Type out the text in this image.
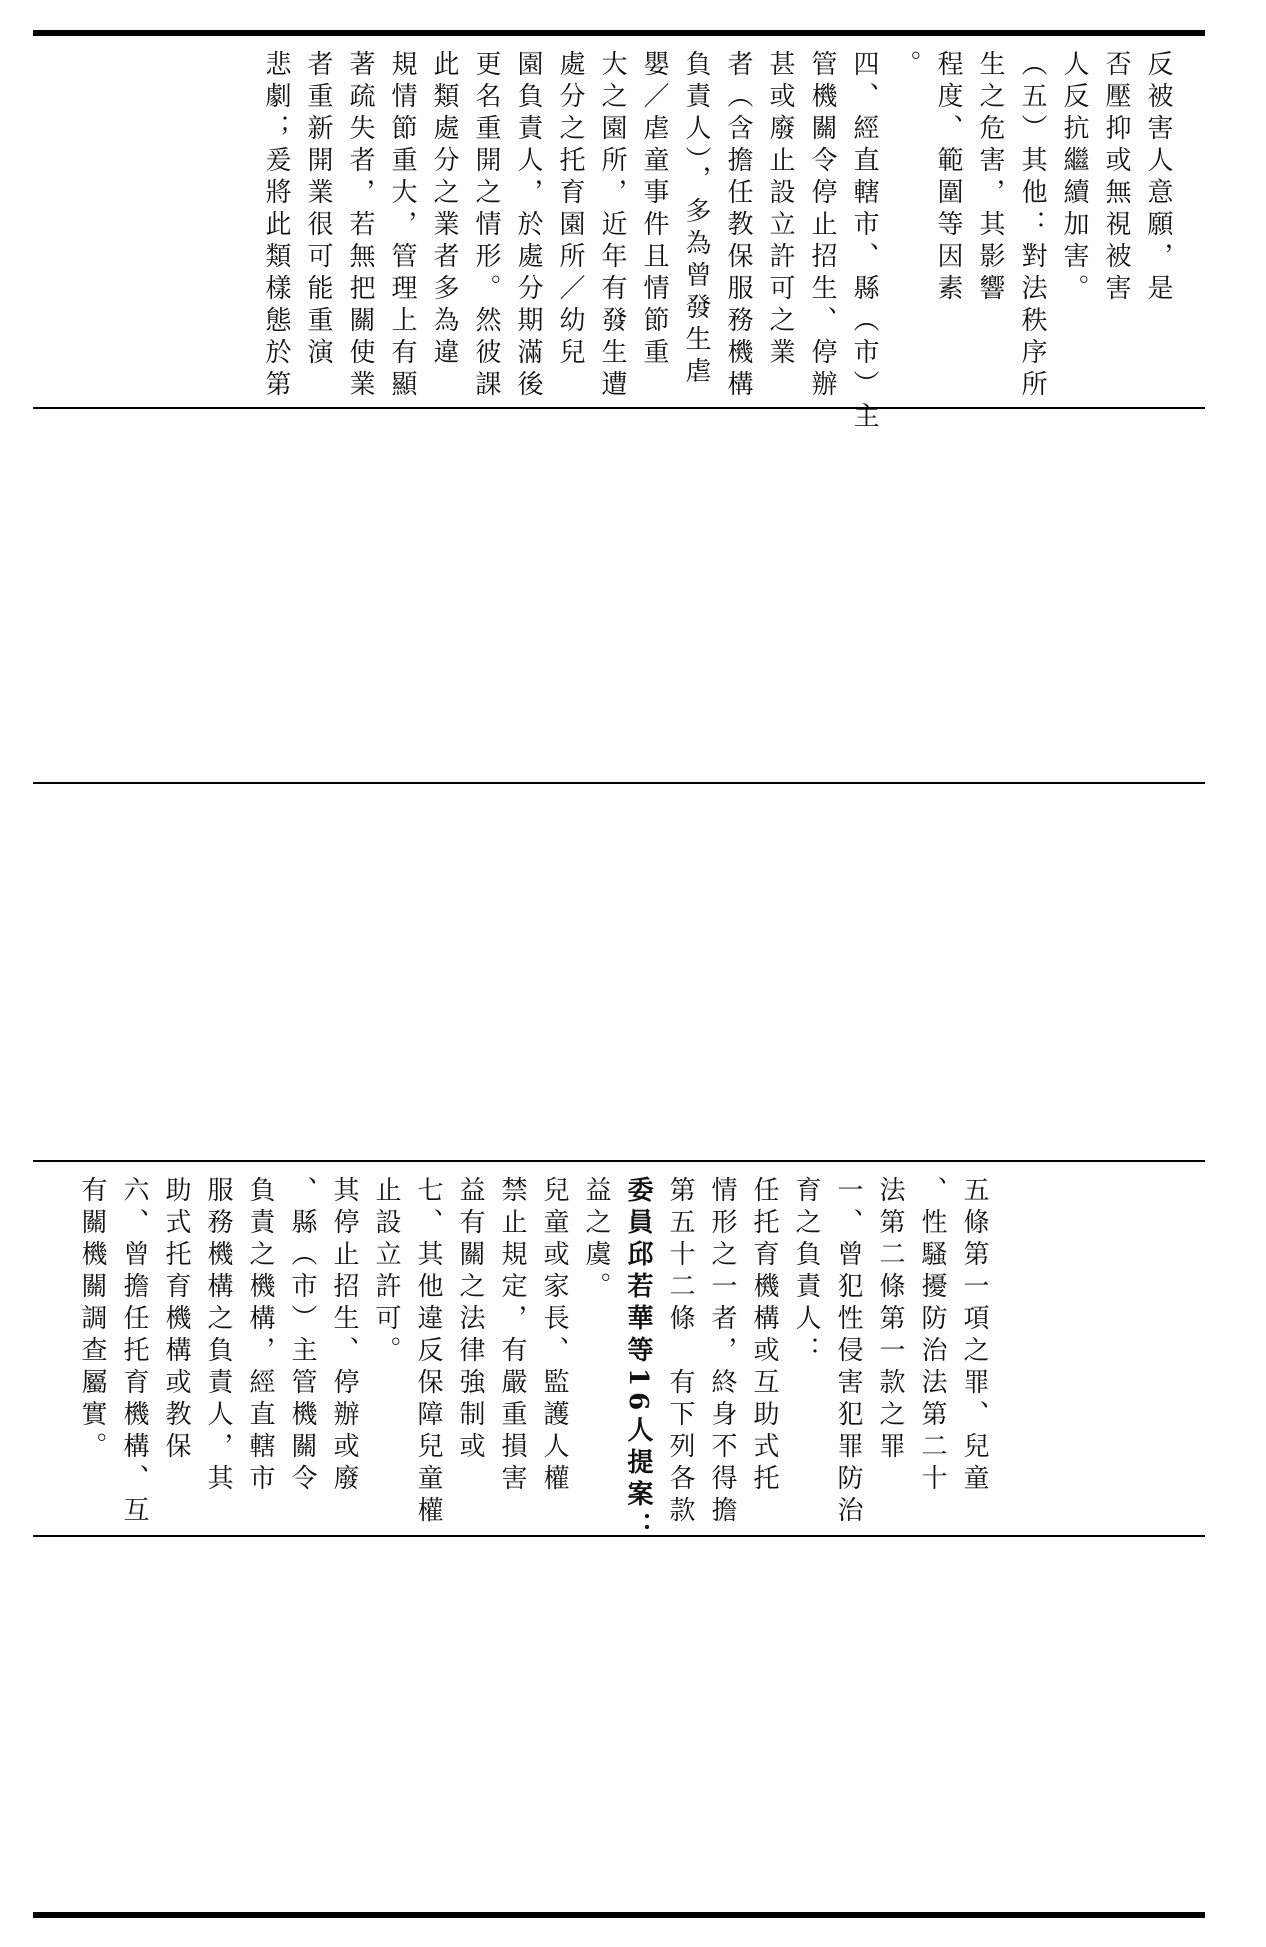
反被害人意願，是
否壓抑或無視被害
人反抗繼續加害。
（五）其他：對法秩序所
生之危害，其影響
程度、範圍等因素
。
四、經直轄市、縣（市）主
管機關令停止招生、停辦
甚或廢止設立許可之業
者（含擔任教保服務機構
負責人），多為曾發生虐
嬰／虐童事件且情節重
大之園所，近年有發生遭
處分之托育園所／幼兒
園負責人，於處分期滿後
更名重開之情形。然彼課
此類處分之業者多為違
規情節重大，管理上有顯
著疏失者，若無把關使業
者重新開業很可能重演
悲劇；爰將此類樣態於第
有關機關調查屬實。 六、曾擔任托育機構、互 助式托育機構或教保 服務機構之負責人，其 負責之機構，經直轄市 、縣（市）主管機關令 其停止招生、停辦或廢 止設立許可。 七、其他違反保障兒童權 益有關之法律強制或 禁止規定，有嚴重損害 兒童或家長、監護人權 益之虞。 委員邱若華等16人提案： 第五十二條　有下列各款 情形之一者，終身不得擔 任托育機構或互助式托 育之負責人： 一、曾犯性侵害犯罪防治 法第二條第一款之罪 、性騷擾防治法第二十 五條第一項之罪、兒童
